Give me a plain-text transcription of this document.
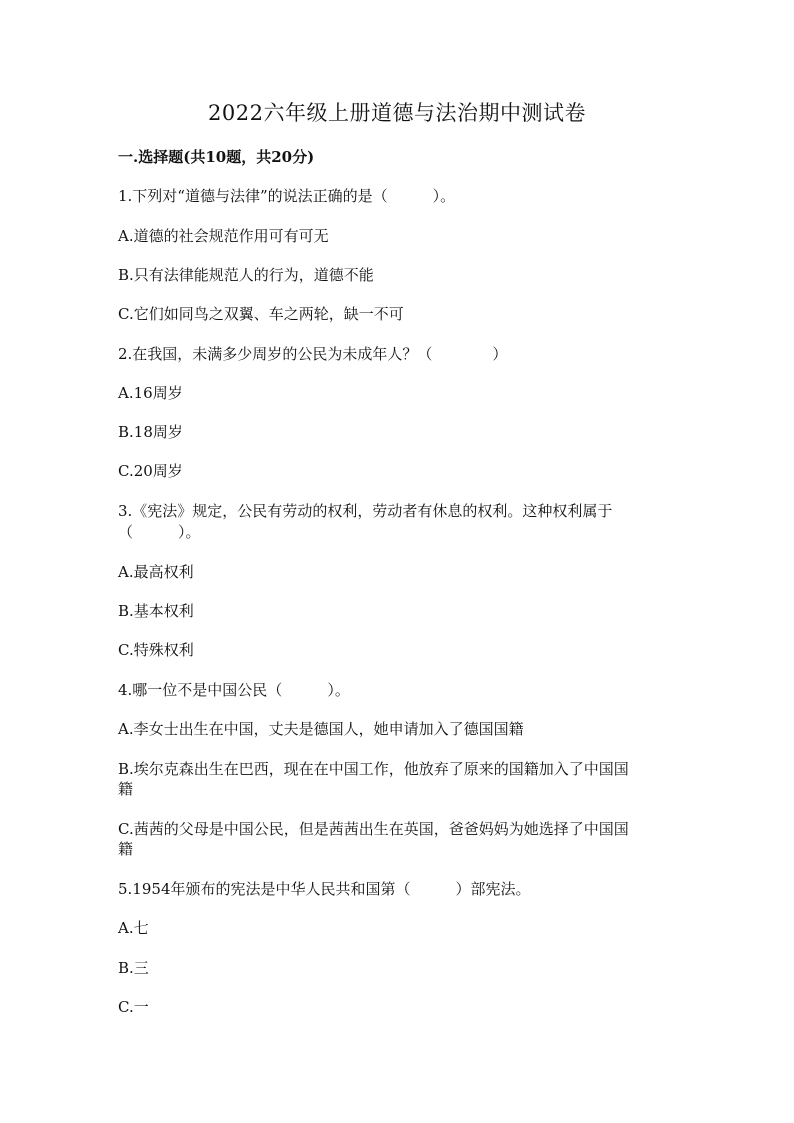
2022六年级上册道德与法治期中测试卷
一.选择题(共10题，共20分)
1.下列对“道德与法律”的说法正确的是（　　　）。
A.道德的社会规范作用可有可无
B.只有法律能规范人的行为，道德不能
C.它们如同鸟之双翼、车之两轮，缺一不可
2.在我国，未满多少周岁的公民为未成年人？（　　　　）
A.16周岁
B.18周岁
C.20周岁
3.《宪法》规定，公民有劳动的权利，劳动者有休息的权利。这种权利属于
（　　　）。
A.最高权利
B.基本权利
C.特殊权利
4.哪一位不是中国公民（　　　）。
A.李女士出生在中国，丈夫是德国人，她申请加入了德国国籍
B.埃尔克森出生在巴西，现在在中国工作，他放弃了原来的国籍加入了中国国
籍
C.茜茜的父母是中国公民，但是茜茜出生在英国，爸爸妈妈为她选择了中国国
籍
5.1954年颁布的宪法是中华人民共和国第（　　　）部宪法。
A.七
B.三
C.一
